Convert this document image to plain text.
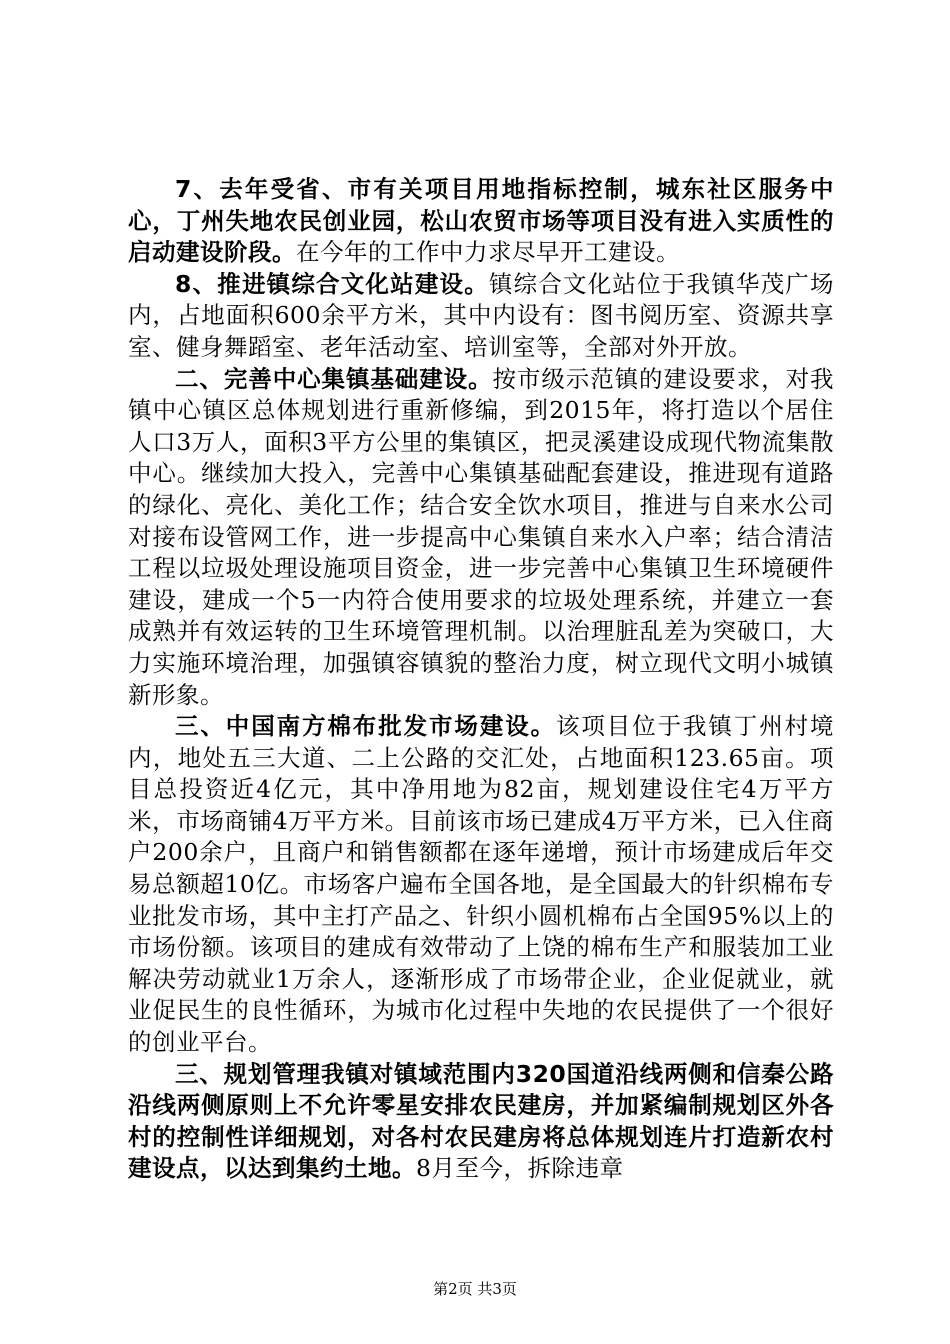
7、去年受省、市有关项目用地指标控制，城东社区服务中心，丁州失地农民创业园，松山农贸市场等项目没有进入实质性的启动建设阶段。在今年的工作中力求尽早开工建设。

8、推进镇综合文化站建设。镇综合文化站位于我镇华茂广场内，占地面积600余平方米，其中内设有：图书阅历室、资源共享室、健身舞蹈室、老年活动室、培训室等，全部对外开放。

二、完善中心集镇基础建设。按市级示范镇的建设要求，对我镇中心镇区总体规划进行重新修编，到2015年，将打造以个居住人口3万人，面积3平方公里的集镇区，把灵溪建设成现代物流集散中心。继续加大投入，完善中心集镇基础配套建设，推进现有道路的绿化、亮化、美化工作；结合安全饮水项目，推进与自来水公司对接布设管网工作，进一步提高中心集镇自来水入户率；结合清洁工程以垃圾处理设施项目资金，进一步完善中心集镇卫生环境硬件建设，建成一个5一内符合使用要求的垃圾处理系统，并建立一套成熟并有效运转的卫生环境管理机制。以治理脏乱差为突破口，大力实施环境治理，加强镇容镇貌的整治力度，树立现代文明小城镇新形象。

三、中国南方棉布批发市场建设。该项目位于我镇丁州村境内，地处五三大道、二上公路的交汇处，占地面积123.65亩。项目总投资近4亿元，其中净用地为82亩，规划建设住宅4万平方米，市场商铺4万平方米。目前该市场已建成4万平方米，已入住商户200余户，且商户和销售额都在逐年递增，预计市场建成后年交易总额超10亿。市场客户遍布全国各地，是全国最大的针织棉布专业批发市场，其中主打产品之、针织小圆机棉布占全国95%以上的市场份额。该项目的建成有效带动了上饶的棉布生产和服装加工业解决劳动就业1万余人，逐渐形成了市场带企业，企业促就业，就业促民生的良性循环，为城市化过程中失地的农民提供了一个很好的创业平台。

三、规划管理我镇对镇域范围内320国道沿线两侧和信秦公路沿线两侧原则上不允许零星安排农民建房，并加紧编制规划区外各村的控制性详细规划，对各村农民建房将总体规划连片打造新农村建设点，以达到集约土地。8月至今，拆除违章

第2页 共3页
